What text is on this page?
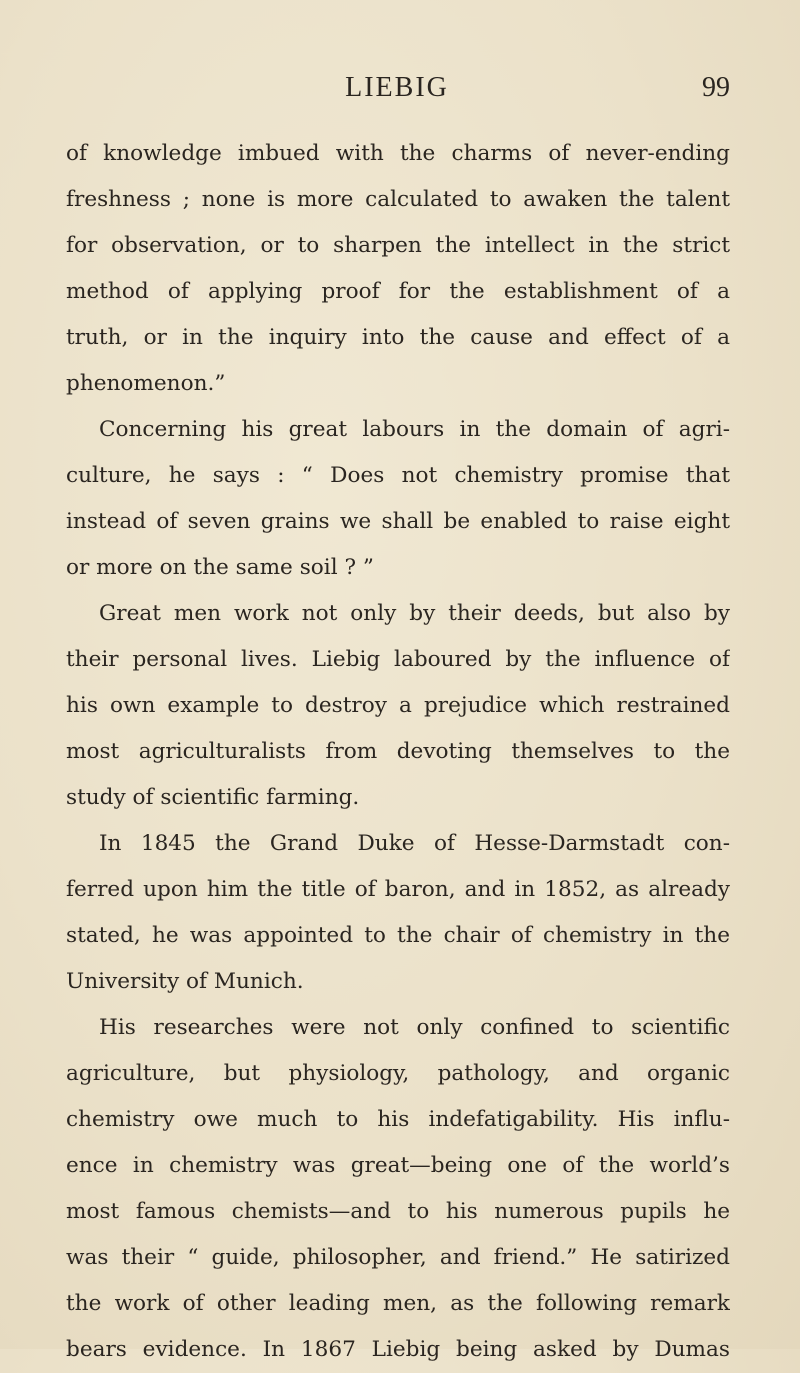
LIEBIG	99
of knowledge imbued with the charms of never-ending
freshness ; none is more calculated to awaken the talent
for observation, or to sharpen the intellect in the strict
method of applying proof for the establishment of a
truth, or in the inquiry into the cause and effect of a
phenomenon.”
Concerning his great labours in the domain of agri-
culture, he says : “ Does not chemistry promise that
instead of seven grains we shall be enabled to raise eight
or more on the same soil ? ”
Great men work not only by their deeds, but also by
their personal lives. Liebig laboured by the influence of
his own example to destroy a prejudice which restrained
most agriculturalists from devoting themselves to the
study of scientific farming.
In 1845 the Grand Duke of Hesse-Darmstadt con-
ferred upon him the title of baron, and in 1852, as already
stated, he was appointed to the chair of chemistry in the
University of Munich.
His researches were not only confined to scientific
agriculture, but physiology, pathology, and organic
chemistry owe much to his indefatigability. His influ-
ence in chemistry was great—being one of the world’s
most famous chemists—and to his numerous pupils he
was their “ guide, philosopher, and friend.” He satirized
the work of other leading men, as the following remark
bears evidence. In 1867 Liebig being asked by Dumas
